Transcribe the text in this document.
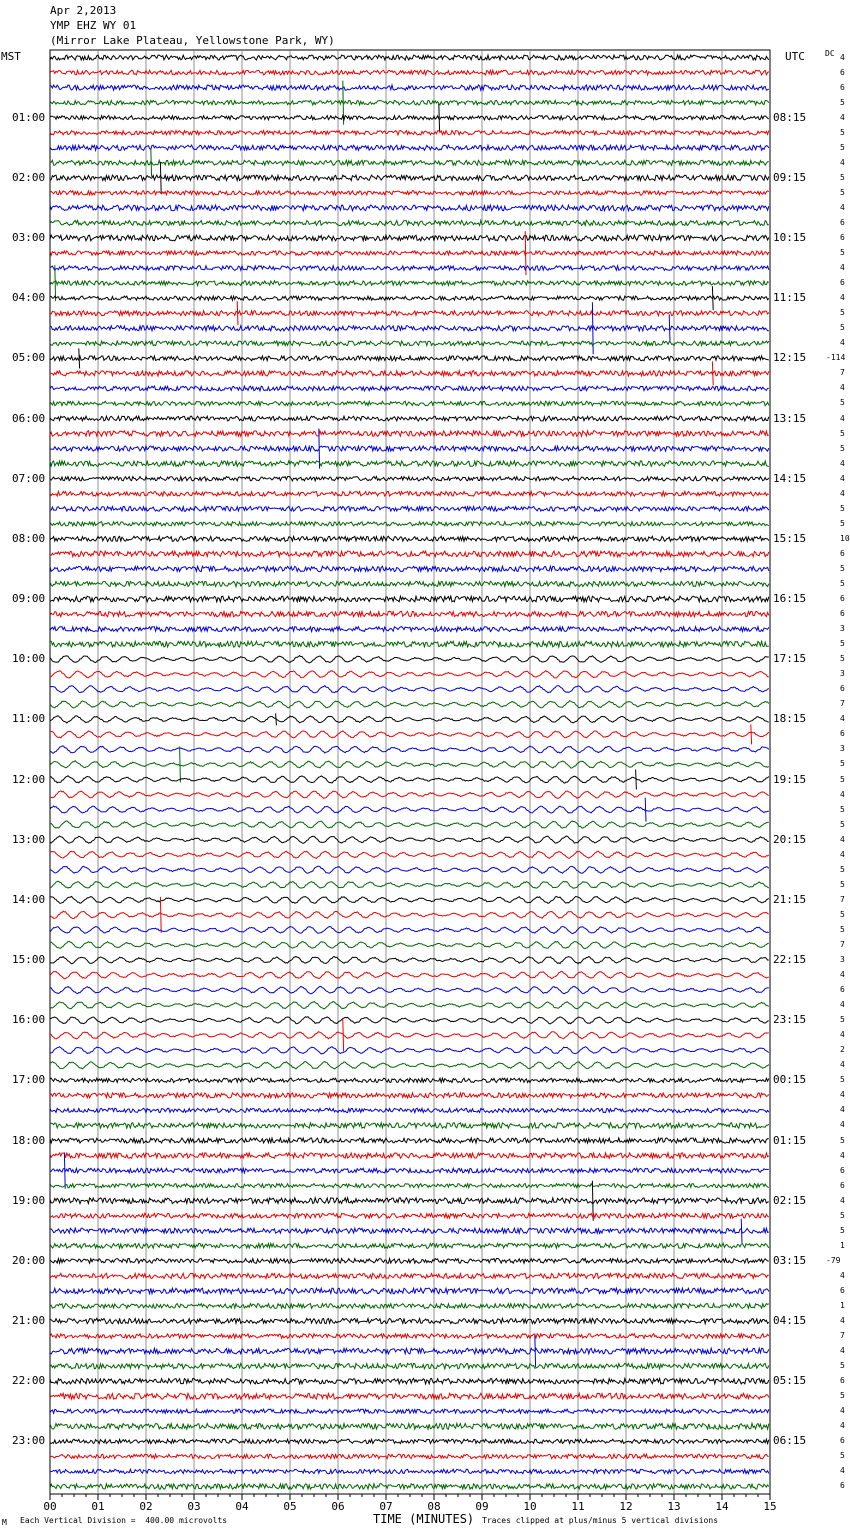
Apr 2,2013
YMP EHZ WY 01
(Mirror Lake Plateau, Yellowstone Park, WY)
MST	UTC	DC
00	01	02	03	04	05	06	07	08	09	10	11	12	13	14	15
01:00
02:00
03:00
04:00
05:00
06:00
07:00
08:00
09:00
10:00
11:00
12:00
13:00
14:00
15:00
16:00
17:00
18:00
19:00
20:00
21:00
22:00
23:00
08:15
09:15
10:15
11:15
12:15
13:15
14:15
15:15
16:15
17:15
18:15
19:15
20:15
21:15
22:15
23:15
00:15
01:15
02:15
03:15
04:15
05:15
06:15
4
6
6
5
4
5
5
4
5
5
4
6
6
5
4
6
4
5
5
4
-114
7
4
5
4
5
5
4
4
4
5
5
10
6
5
5
6
6
3
5
5
3
6
7
4
6
3
5
5
4
5
5
4
4
5
5
7
5
5
7
3
4
6
4
5
4
2
4
5
4
4
4
5
4
6
6
4
5
5
1
-79
4
6
1
4
7
4
5
6
5
4
4
6
5
4
6
TIME (MINUTES)
M Each Vertical Division =  400.00 microvolts	Traces clipped at plus/minus 5 vertical divisions
